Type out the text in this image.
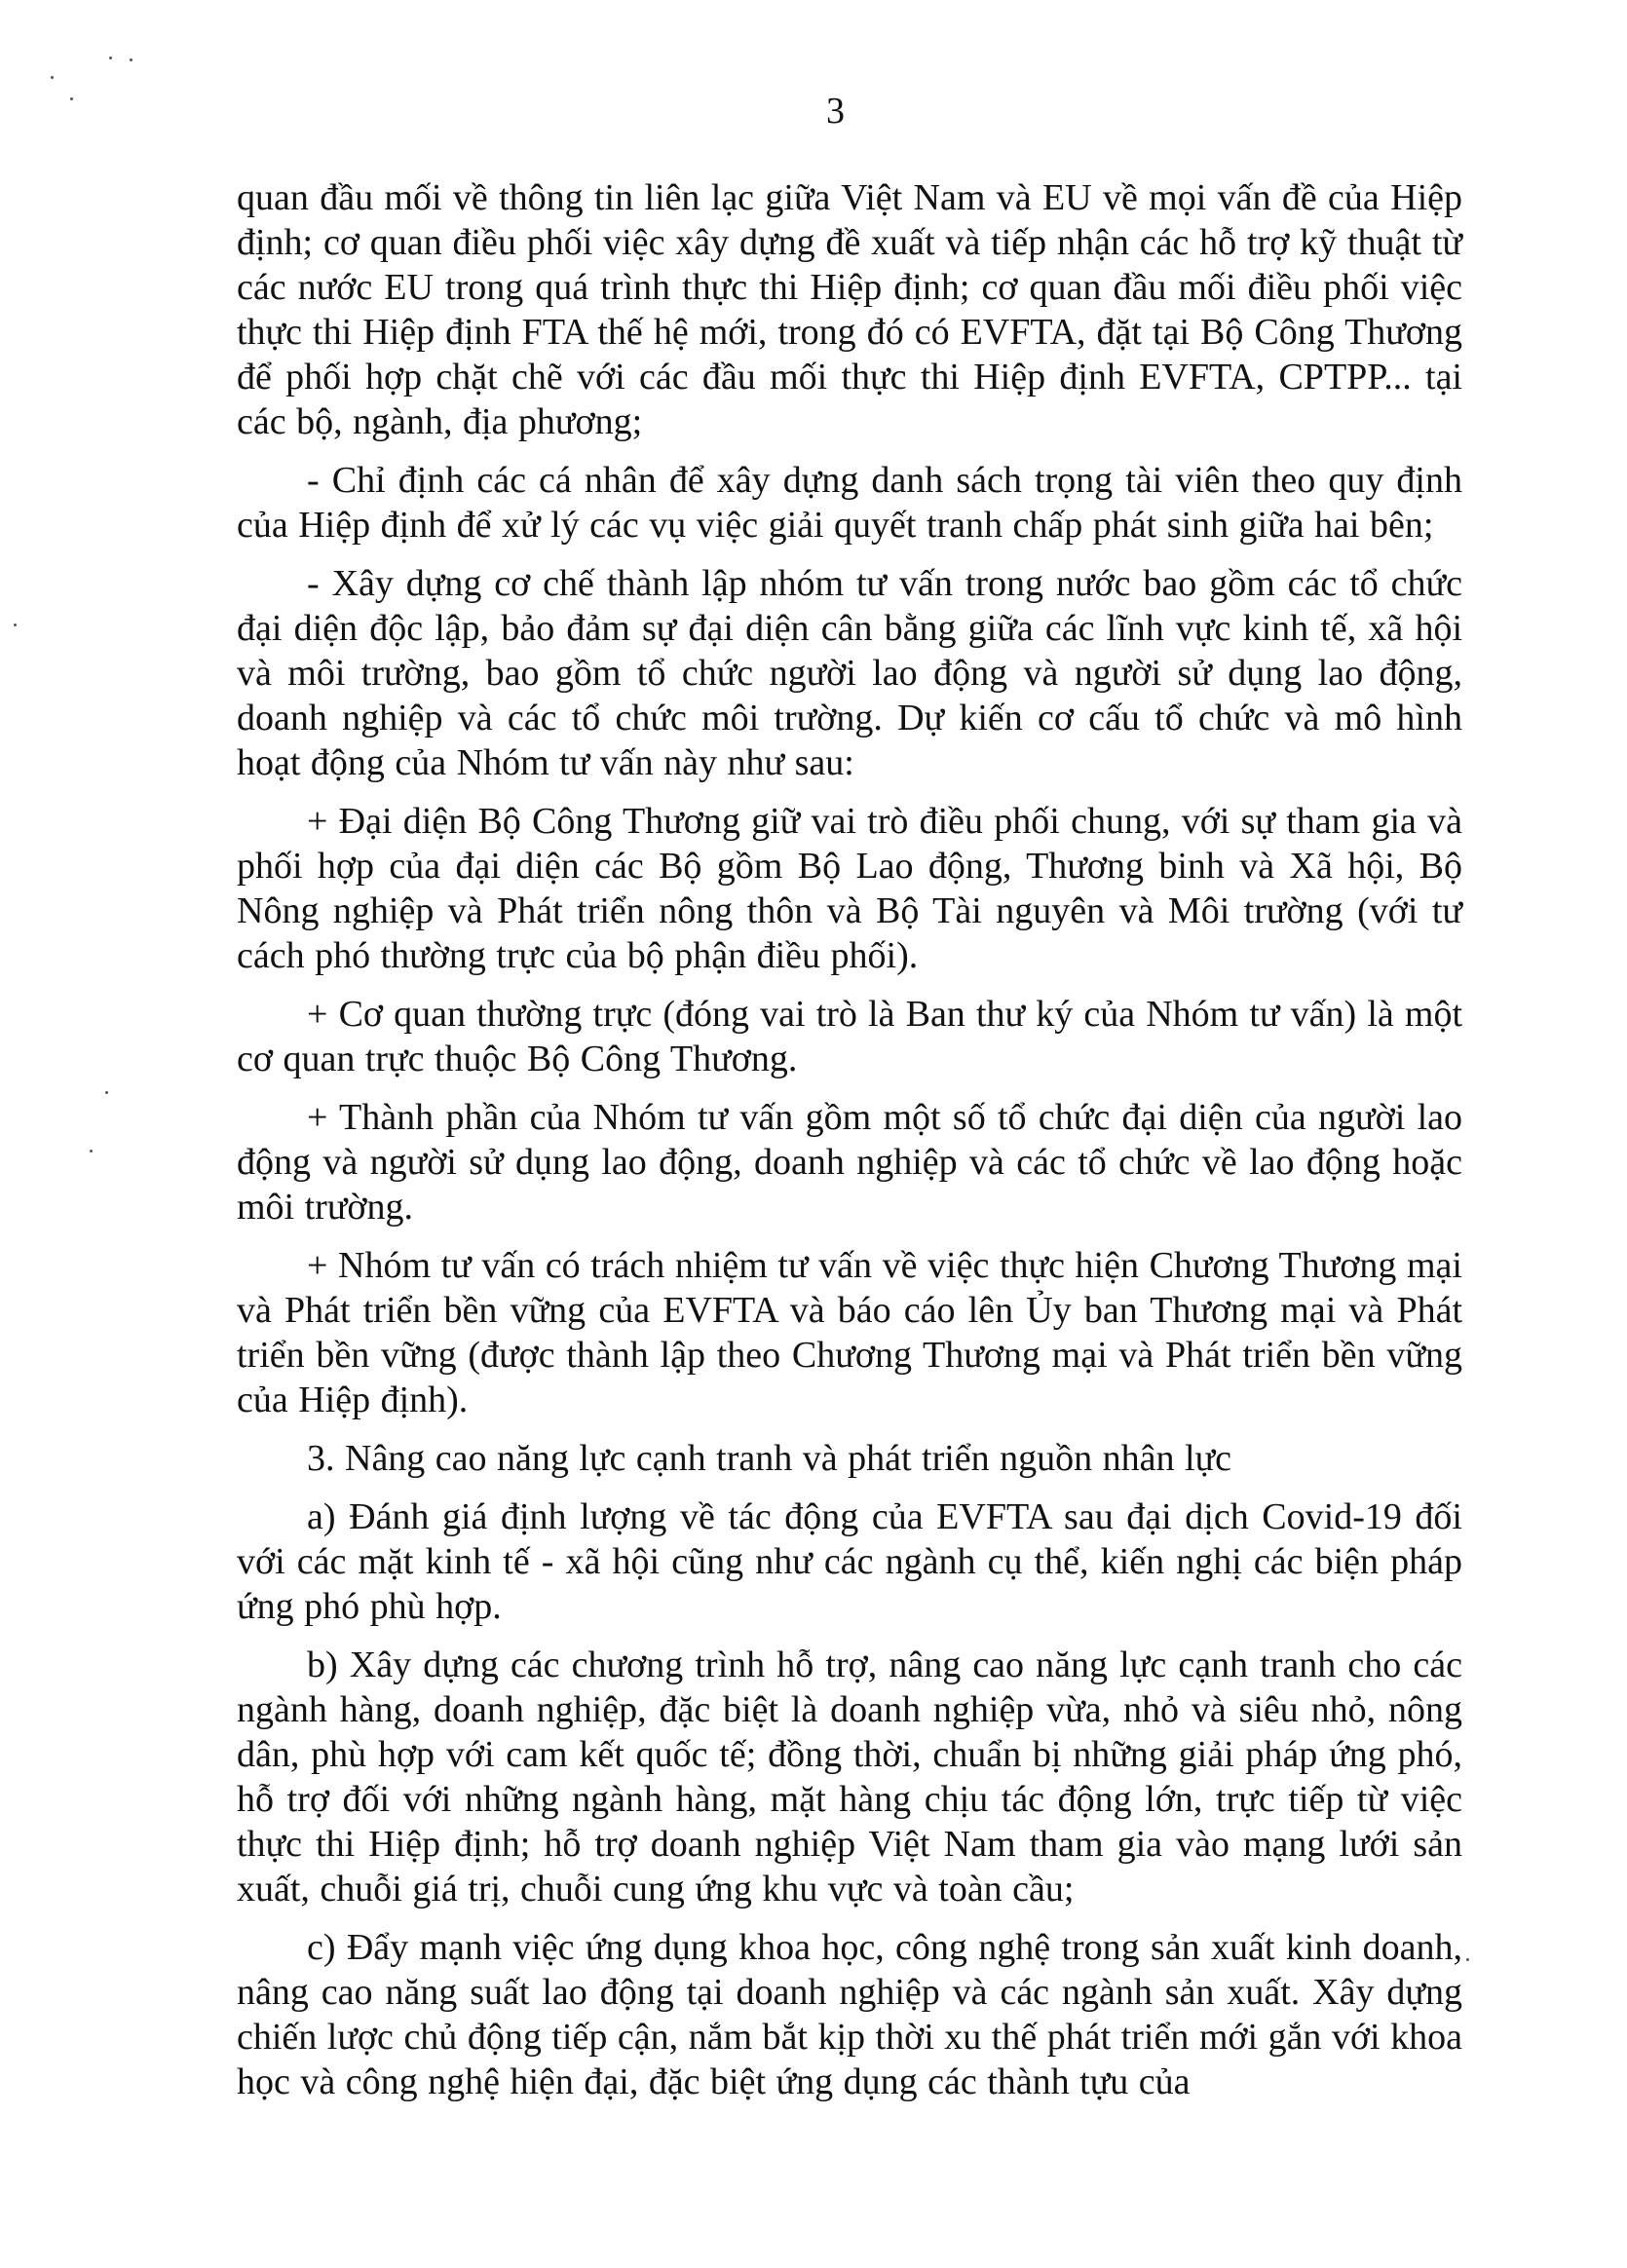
3

quan đầu mối về thông tin liên lạc giữa Việt Nam và EU về mọi vấn đề của Hiệp định; cơ quan điều phối việc xây dựng đề xuất và tiếp nhận các hỗ trợ kỹ thuật từ các nước EU trong quá trình thực thi Hiệp định; cơ quan đầu mối điều phối việc thực thi Hiệp định FTA thế hệ mới, trong đó có EVFTA, đặt tại Bộ Công Thương để phối hợp chặt chẽ với các đầu mối thực thi Hiệp định EVFTA, CPTPP... tại các bộ, ngành, địa phương;

- Chỉ định các cá nhân để xây dựng danh sách trọng tài viên theo quy định của Hiệp định để xử lý các vụ việc giải quyết tranh chấp phát sinh giữa hai bên;

- Xây dựng cơ chế thành lập nhóm tư vấn trong nước bao gồm các tổ chức đại diện độc lập, bảo đảm sự đại diện cân bằng giữa các lĩnh vực kinh tế, xã hội và môi trường, bao gồm tổ chức người lao động và người sử dụng lao động, doanh nghiệp và các tổ chức môi trường. Dự kiến cơ cấu tổ chức và mô hình hoạt động của Nhóm tư vấn này như sau:

+ Đại diện Bộ Công Thương giữ vai trò điều phối chung, với sự tham gia và phối hợp của đại diện các Bộ gồm Bộ Lao động, Thương binh và Xã hội, Bộ Nông nghiệp và Phát triển nông thôn và Bộ Tài nguyên và Môi trường (với tư cách phó thường trực của bộ phận điều phối).

+ Cơ quan thường trực (đóng vai trò là Ban thư ký của Nhóm tư vấn) là một cơ quan trực thuộc Bộ Công Thương.

+ Thành phần của Nhóm tư vấn gồm một số tổ chức đại diện của người lao động và người sử dụng lao động, doanh nghiệp và các tổ chức về lao động hoặc môi trường.

+ Nhóm tư vấn có trách nhiệm tư vấn về việc thực hiện Chương Thương mại và Phát triển bền vững của EVFTA và báo cáo lên Ủy ban Thương mại và Phát triển bền vững (được thành lập theo Chương Thương mại và Phát triển bền vững của Hiệp định).

3. Nâng cao năng lực cạnh tranh và phát triển nguồn nhân lực

a) Đánh giá định lượng về tác động của EVFTA sau đại dịch Covid-19 đối với các mặt kinh tế - xã hội cũng như các ngành cụ thể, kiến nghị các biện pháp ứng phó phù hợp.

b) Xây dựng các chương trình hỗ trợ, nâng cao năng lực cạnh tranh cho các ngành hàng, doanh nghiệp, đặc biệt là doanh nghiệp vừa, nhỏ và siêu nhỏ, nông dân, phù hợp với cam kết quốc tế; đồng thời, chuẩn bị những giải pháp ứng phó, hỗ trợ đối với những ngành hàng, mặt hàng chịu tác động lớn, trực tiếp từ việc thực thi Hiệp định; hỗ trợ doanh nghiệp Việt Nam tham gia vào mạng lưới sản xuất, chuỗi giá trị, chuỗi cung ứng khu vực và toàn cầu;

c) Đẩy mạnh việc ứng dụng khoa học, công nghệ trong sản xuất kinh doanh, nâng cao năng suất lao động tại doanh nghiệp và các ngành sản xuất. Xây dựng chiến lược chủ động tiếp cận, nắm bắt kịp thời xu thế phát triển mới gắn với khoa học và công nghệ hiện đại, đặc biệt ứng dụng các thành tựu của
